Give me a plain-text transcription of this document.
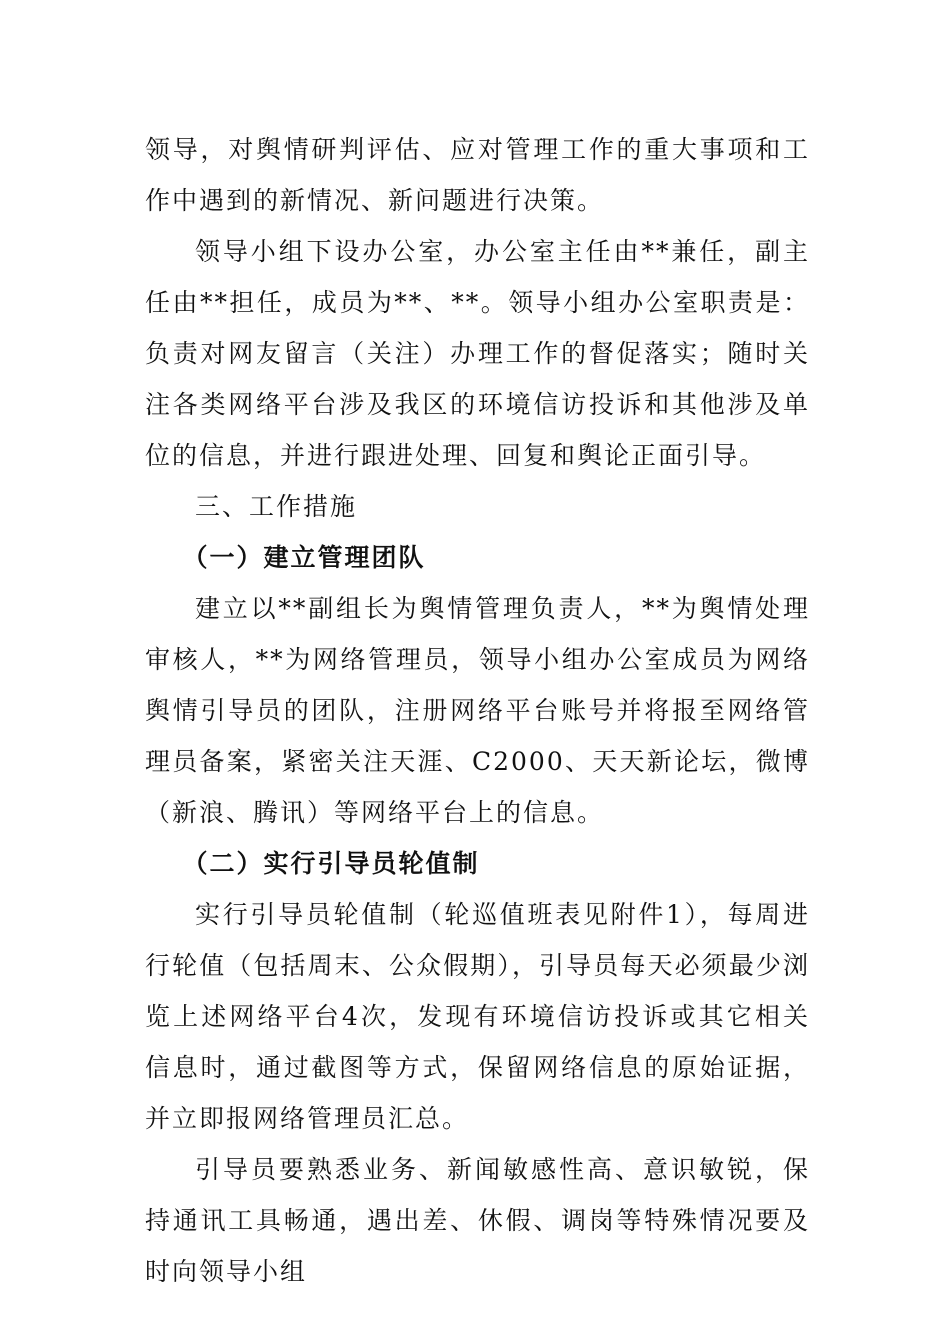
领导，对舆情研判评估、应对管理工作的重大事项和工作中遇到的新情况、新问题进行决策。

领导小组下设办公室，办公室主任由**兼任，副主任由**担任，成员为**、**。领导小组办公室职责是：负责对网友留言（关注）办理工作的督促落实；随时关注各类网络平台涉及我区的环境信访投诉和其他涉及单位的信息，并进行跟进处理、回复和舆论正面引导。

三、工作措施

（一）建立管理团队

建立以**副组长为舆情管理负责人，**为舆情处理审核人，**为网络管理员，领导小组办公室成员为网络舆情引导员的团队，注册网络平台账号并将报至网络管理员备案，紧密关注天涯、C2000、天天新论坛，微博（新浪、腾讯）等网络平台上的信息。

（二）实行引导员轮值制

实行引导员轮值制（轮巡值班表见附件1），每周进行轮值（包括周末、公众假期），引导员每天必须最少浏览上述网络平台4次，发现有环境信访投诉或其它相关信息时，通过截图等方式，保留网络信息的原始证据，并立即报网络管理员汇总。

引导员要熟悉业务、新闻敏感性高、意识敏锐，保持通讯工具畅通，遇出差、休假、调岗等特殊情况要及时向领导小组
